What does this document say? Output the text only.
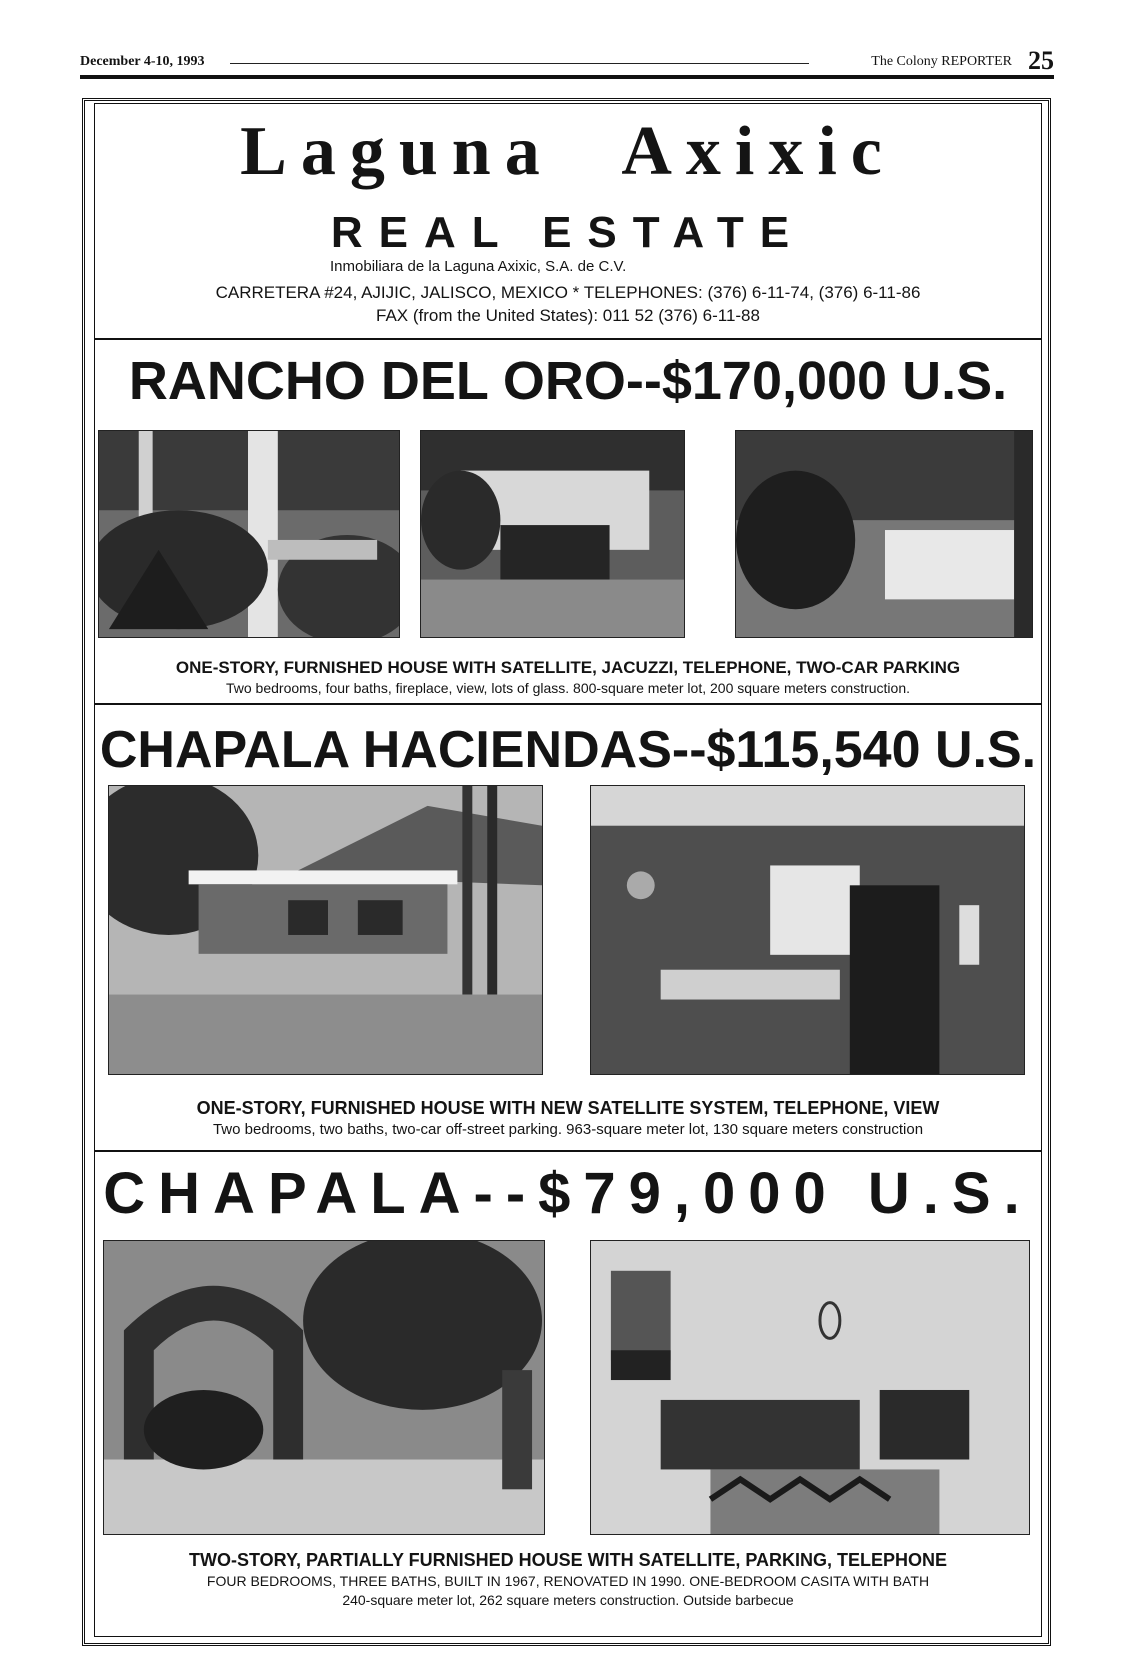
December 4-10, 1993	The Colony REPORTER 25
Laguna Axixic
REAL ESTATE
Inmobiliara de la Laguna Axixic, S.A. de C.V.
CARRETERA #24, AJIJIC, JALISCO, MEXICO * TELEPHONES: (376) 6-11-74, (376) 6-11-86
FAX (from the United States): 011 52 (376) 6-11-88
RANCHO DEL ORO--$170,000 U.S.
ONE-STORY, FURNISHED HOUSE WITH SATELLITE, JACUZZI, TELEPHONE, TWO-CAR PARKING
Two bedrooms, four baths, fireplace, view, lots of glass. 800-square meter lot, 200 square meters construction.
CHAPALA HACIENDAS--$115,540 U.S.
ONE-STORY, FURNISHED HOUSE WITH NEW SATELLITE SYSTEM, TELEPHONE, VIEW
Two bedrooms, two baths, two-car off-street parking. 963-square meter lot, 130 square meters construction
CHAPALA--$79,000 U.S.
TWO-STORY, PARTIALLY FURNISHED HOUSE WITH SATELLITE, PARKING, TELEPHONE
FOUR BEDROOMS, THREE BATHS, BUILT IN 1967, RENOVATED IN 1990. ONE-BEDROOM CASITA WITH BATH
240-square meter lot, 262 square meters construction. Outside barbecue
